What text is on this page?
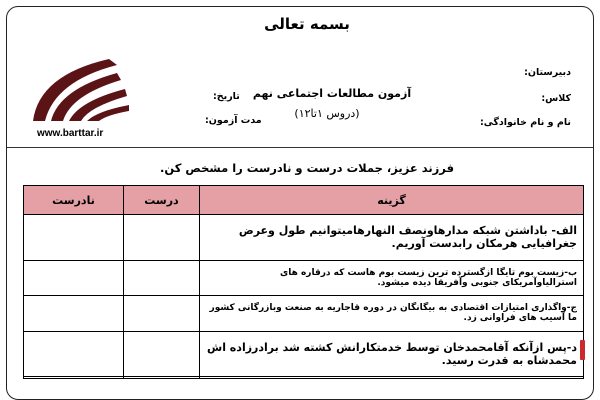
بسمه تعالی
دبیرستان:
کلاس:
نام و نام خانوادگی:
تاریخ:
مدت آزمون:
آزمون مطالعات اجتماعی نهم
(دروس ۱تا۱۲)
www.barttar.ir
فرزند عزیز، جملات درست و نادرست را مشخص کن.
گزینه	درست	نادرست
الف- باداشتن شبکه مدارهاونصف النهارهامیتوانیم طول وعرض جغرافیایی هرمکان رابدست آوریم.		
ب-زیست بوم تایگا ازگسترده ترین زیست بوم هاست که درقاره های استرالیاوآمریکای جنوبی وآفریقا دیده میشود.		
ج-واگذاری امتیازات اقتصادی به بیگانگان در دوره قاجاریه به صنعت وبازرگانی کشور ما آسیب های فراوانی زد.		
د-پس ازآنکه آقامحمدخان توسط خدمتکارانش کشته شد برادرزاده اش محمدشاه به قدرت رسید.		
